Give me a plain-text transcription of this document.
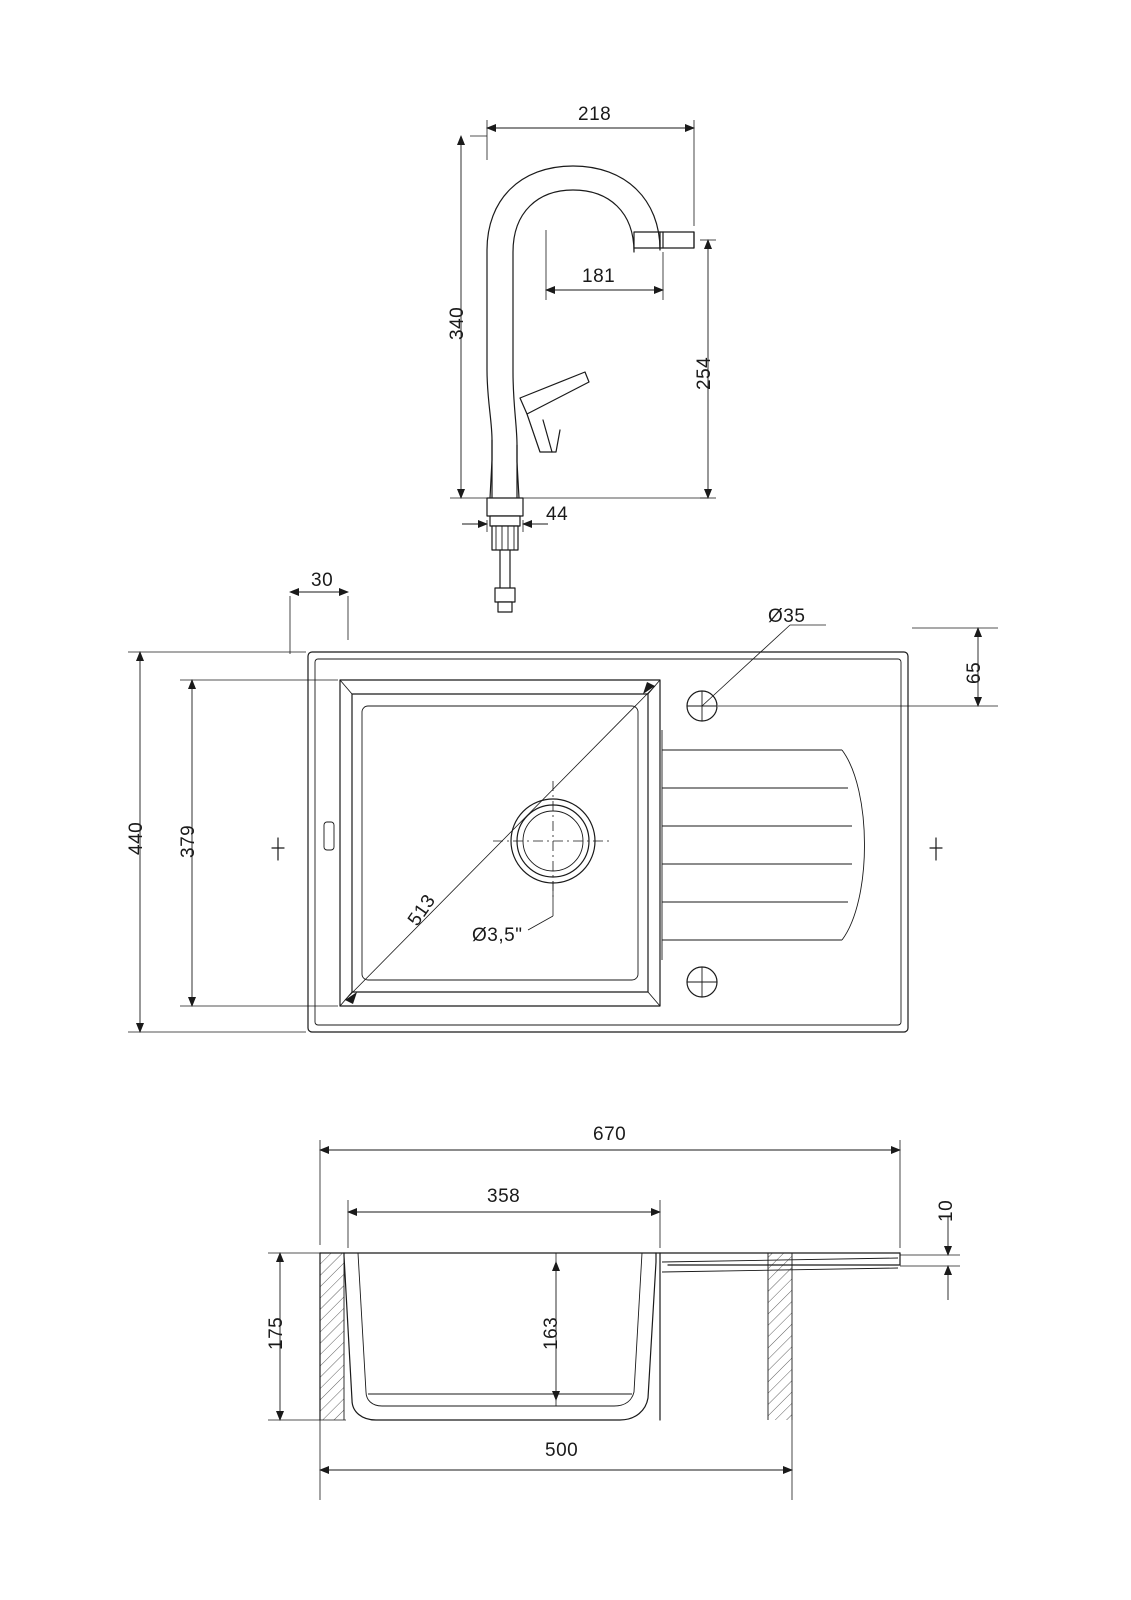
218
181
340
254
44
30
440 379
Ø35
65
513
Ø3,5"
670
358
175	163
10
500
